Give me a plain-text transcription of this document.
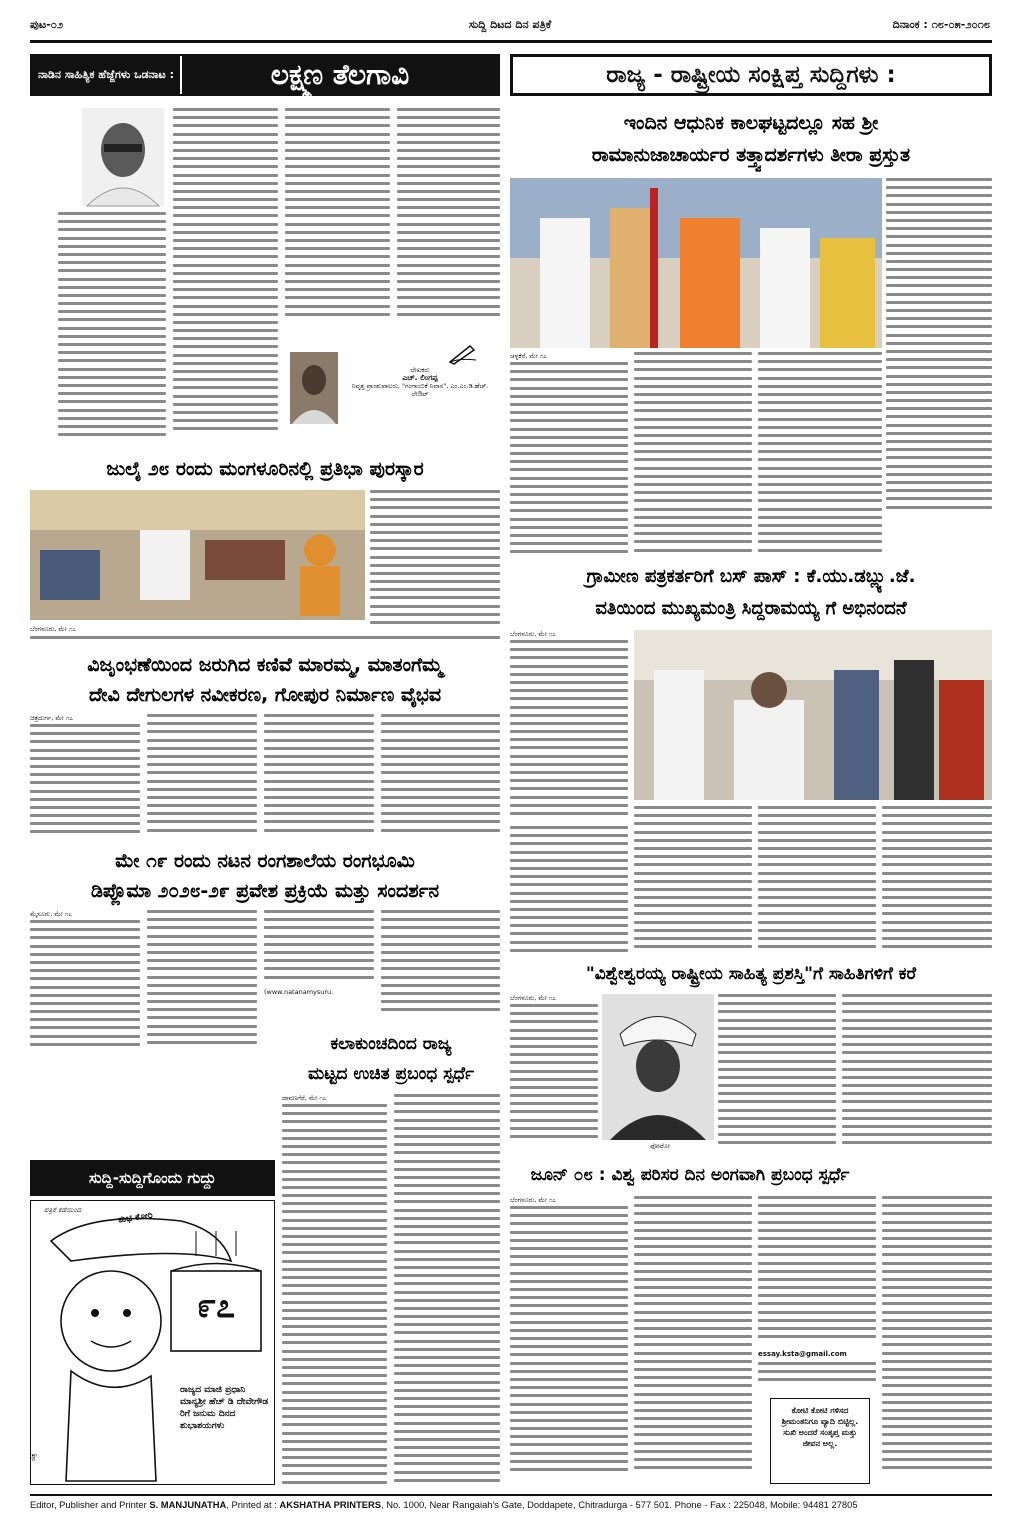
ಪುಟ-೦೨	ಸುದ್ದಿ ದಿಟದ ದಿನ ಪತ್ರಿಕೆ	ದಿನಾಂಕ : ೧೮-೦೫-೨೦೧೮
ನಾಡಿನ ಸಾಹಿತ್ಯಿಕ ಹೆಜ್ಜೆಗಳು ಒಡನಾಟ :	ಲಕ್ಷ್ಮಣ ತೆಲಗಾವಿ
ಲೇಖಕರು
ಎಚ್. ಲಿಂಗಪ್ಪ
ನಿವೃತ್ತ ಪ್ರಾಂಶುಪಾಲರು, "ಗಂಗಾಂಬಿಕೆ ನಿವಾಸ", ಎಂ.ಎಂ.ಡಿ.ಹೆಚ್. ಲೇಔಟ್
ಜುಲೈ ೨೮ ರಂದು ಮಂಗಳೂರಿನಲ್ಲಿ ಪ್ರತಿಭಾ ಪುರಸ್ಕಾರ
ಬೆಂಗಳೂರು, ಮೇ ೧೭
ವಿಜೃಂಭಣೆಯಿಂದ ಜರುಗಿದ ಕಣಿವೆ ಮಾರಮ್ಮ, ಮಾತಂಗೆಮ್ಮ
ದೇವಿ ದೇಗುಲಗಳ ನವೀಕರಣ, ಗೋಪುರ ನಿರ್ಮಾಣ ವೈಭವ
ಚಿತ್ರದುರ್ಗ, ಮೇ ೧೭
ಮೇ ೧೯ ರಂದು ನಟನ ರಂಗಶಾಲೆಯ ರಂಗಭೂಮಿ
ಡಿಪ್ಲೊಮಾ ೨೦೨೮-೨೯ ಪ್ರವೇಶ ಪ್ರಕ್ರಿಯೆ ಮತ್ತು ಸಂದರ್ಶನ
ಮೈಸೂರು, ಮೇ ೧೭
(www.natanamysuru.
ಕಲಾಕುಂಚದಿಂದ ರಾಜ್ಯ
ಮಟ್ಟದ ಉಚಿತ ಪ್ರಬಂಧ ಸ್ಪರ್ಧೆ
ದಾವಣಗೆರೆ, ಮೇ ೧೭
ಸುದ್ದಿ-ಸುದ್ದಿಗೊಂದು ಗುದ್ದು
ಚಿತ್ರ
ಪತ್ರಿಕೆ ಕಡೆಯಿಂದ
ಶುಭ ಕೋರಿ
೯೭
ರಾಜ್ಯದ ಮಾಜಿ ಪ್ರಧಾನಿ ಮಾನ್ಯಶ್ರೀ ಹೆಚ್ ಡಿ ದೇವೇಗೌಡ ರಿಗೆ ಜನುಮ ದಿನದ ಶುಭಾಶಯಗಳು
ರಾಜ್ಯ - ರಾಷ್ಟ್ರೀಯ ಸಂಕ್ಷಿಪ್ತ ಸುದ್ದಿಗಳು :
ಇಂದಿನ ಆಧುನಿಕ ಕಾಲಘಟ್ಟದಲ್ಲೂ ಸಹ ಶ್ರೀ
ರಾಮಾನುಜಾಚಾರ್ಯರ ತತ್ತ್ವಾದರ್ಶಗಳು ತೀರಾ ಪ್ರಸ್ತುತ
ಚಳ್ಳಕೆರೆ, ಮೇ ೧೭
ಗ್ರಾಮೀಣ ಪತ್ರಕರ್ತರಿಗೆ ಬಸ್ ಪಾಸ್ : ಕೆ.ಯು.ಡಬ್ಲ್ಯು.ಜೆ.
ವತಿಯಿಂದ ಮುಖ್ಯಮಂತ್ರಿ ಸಿದ್ದರಾಮಯ್ಯ ಗೆ ಅಭಿನಂದನೆ
ಬೆಂಗಳೂರು, ಮೇ ೧೭
"ವಿಶ್ವೇಶ್ವರಯ್ಯ ರಾಷ್ಟ್ರೀಯ ಸಾಹಿತ್ಯ ಪ್ರಶಸ್ತಿ"ಗೆ ಸಾಹಿತಿಗಳಿಗೆ ಕರೆ
ಬೆಂಗಳೂರು, ಮೇ ೧೭
ಫೋಟೋ
ಜೂನ್ ೦೮ : ವಿಶ್ವ ಪರಿಸರ ದಿನ ಅಂಗವಾಗಿ ಪ್ರಬಂಧ ಸ್ಪರ್ಧೆ
ಬೆಂಗಳೂರು, ಮೇ ೧೭
essay.ksta@gmail.com
ಕೋಟಿ ಕೋಟಿ ಗಳಿಸದ ಶ್ರೀಮಂತನಿಗೂ ವ್ಯಾದಿ ಬಿಟ್ಟಿಲ್ಲ. ಸುಖಿ ಅಂದರೆ ಸಂತೃಪ್ತ ಮತ್ತು ಜೀವನ ಅಲ್ಲ.
Editor, Publisher and Printer S. MANJUNATHA, Printed at : AKSHATHA PRINTERS, No. 1000, Near Rangaiah's Gate, Doddapete, Chitradurga - 577 501. Phone - Fax : 225048, Mobile: 94481 27805
